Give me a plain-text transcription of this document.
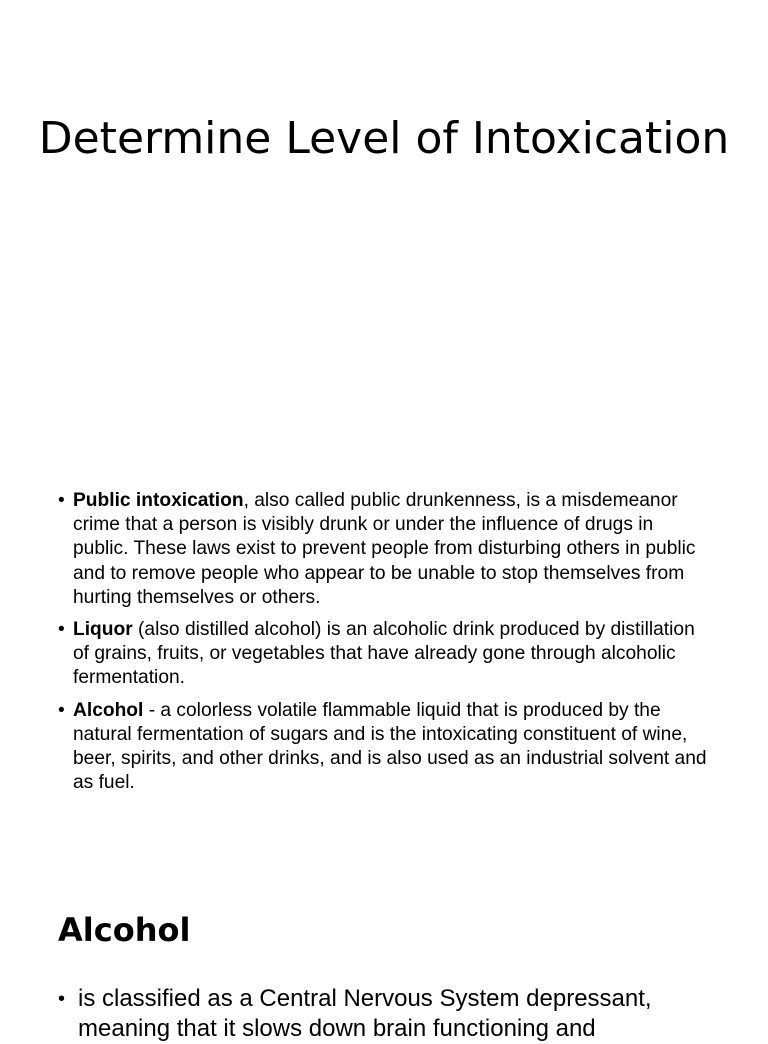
Determine Level of Intoxication
• Public intoxication, also called public drunkenness, is a misdemeanor crime that a person is visibly drunk or under the influence of drugs in public. These laws exist to prevent people from disturbing others in public and to remove people who appear to be unable to stop themselves from hurting themselves or others.
• Liquor (also distilled alcohol) is an alcoholic drink produced by distillation of grains, fruits, or vegetables that have already gone through alcoholic fermentation.
• Alcohol - a colorless volatile flammable liquid that is produced by the natural fermentation of sugars and is the intoxicating constituent of wine, beer, spirits, and other drinks, and is also used as an industrial solvent and as fuel.
Alcohol
• is classified as a Central Nervous System depressant, meaning that it slows down brain functioning and
